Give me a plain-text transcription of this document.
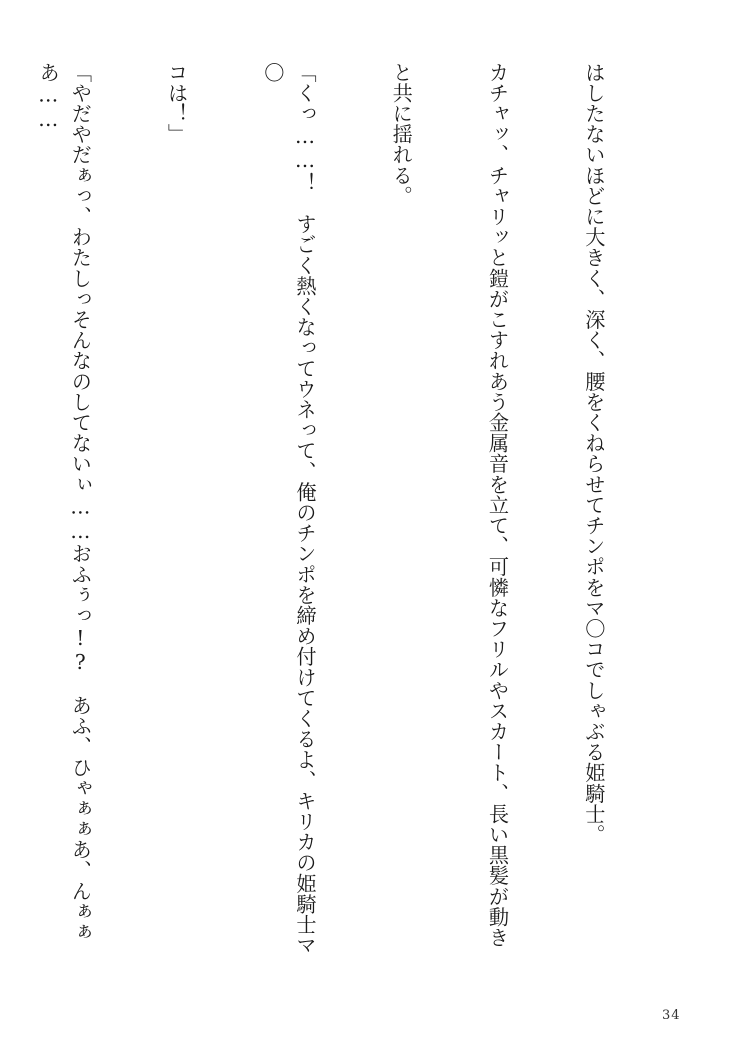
はしたないほどに大きく、深く、腰をくねらせてチンポをマ〇コでしゃぶる姫騎士。

カチャッ、チャリッと鎧がこすれあう金属音を立て、可憐なフリルやスカート、長い黒髪が動き

と共に揺れる。

「くっ……！　すごく熱くなってウネって、俺のチンポを締め付けてくるよ、キリカの姫騎士マ〇

コは！」

「やだやだぁっ、わたしっそんなのしてないぃ……おふぅっ!?　あふ、ひゃぁぁあ、んぁぁあ……

34
